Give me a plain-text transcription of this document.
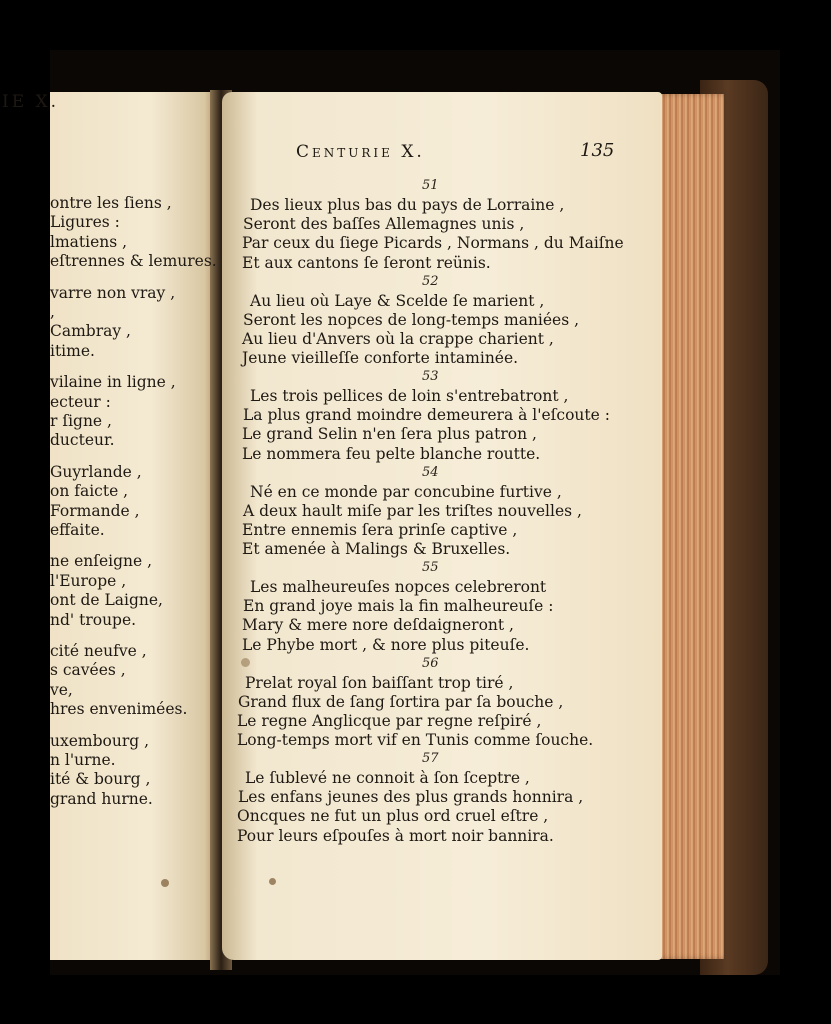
IE X.
Centurie X.	135
ontre les ſiens ,
Ligures :
lmatiens ,
eſtrennes & lemures.
varre non vray ,
,
Cambray ,
itime.
vilaine in ligne ,
ecteur :
r ſigne ,
ducteur.
Guyrlande ,
on faicte ,
Formande ,
effaite.
ne enſeigne ,
l'Europe ,
ont de Laigne,
nd' troupe.
cité neufve ,
s cavées ,
ve,
hres envenimées.
uxembourg ,
n l'urne.
ité & bourg ,
grand hurne.
51
Des lieux plus bas du pays de Lorraine ,
Seront des baſſes Allemagnes unis ,
Par ceux du ſiege Picards , Normans , du Maiſne
Et aux cantons ſe ſeront reünis.
52
Au lieu où Laye & Scelde ſe marient ,
Seront les nopces de long-temps maniées ,
Au lieu d'Anvers où la crappe charient ,
Jeune vieilleſſe conforte intaminée.
53
Les trois pellices de loin s'entrebatront ,
La plus grand moindre demeurera à l'eſcoute :
Le grand Selin n'en ſera plus patron ,
Le nommera feu pelte blanche routte.
54
Né en ce monde par concubine furtive ,
A deux hault miſe par les triſtes nouvelles ,
Entre ennemis ſera prinſe captive ,
Et amenée à Malings & Bruxelles.
55
Les malheureuſes nopces celebreront
En grand joye mais la fin malheureuſe :
Mary & mere nore deſdaigneront ,
Le Phybe mort , & nore plus piteuſe.
56
Prelat royal ſon baiſſant trop tiré ,
Grand flux de ſang ſortira par ſa bouche ,
Le regne Anglicque par regne reſpiré ,
Long-temps mort vif en Tunis comme ſouche.
57
Le ſublevé ne connoit à ſon ſceptre ,
Les enfans jeunes des plus grands honnira ,
Oncques ne fut un plus ord cruel eſtre ,
Pour leurs eſpouſes à mort noir bannira.
